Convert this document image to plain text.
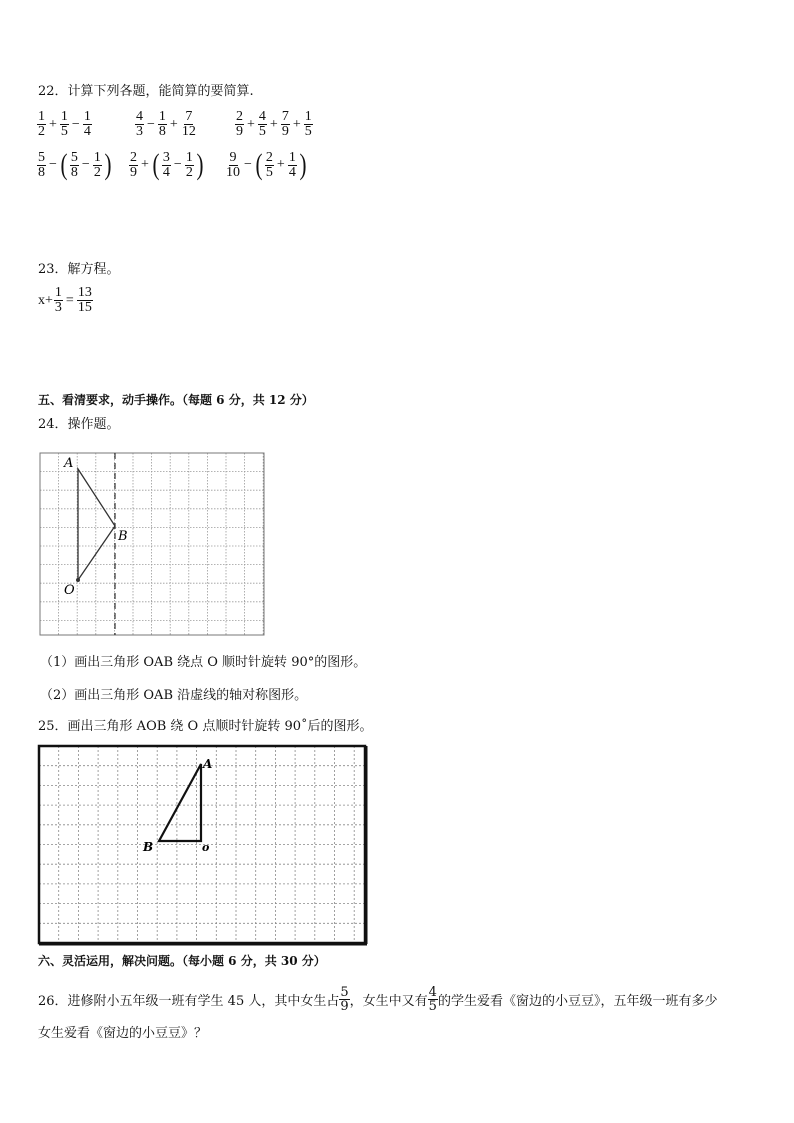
22．计算下列各题，能简算的要简算.
$\frac{1}{2} + \frac{1}{5} - \frac{1}{4}$	$\frac{4}{3} - \frac{1}{8} + \frac{7}{12}$	$\frac{2}{9} + \frac{4}{5} + \frac{7}{9} + \frac{1}{5}$
$\frac{5}{8}$ − ( $\frac{5}{8} - \frac{1}{2}$ ) $\frac{2}{9}$ + ( $\frac{3}{4} - \frac{1}{2}$ ) $\frac{9}{10}$ − ( $\frac{2}{5} + \frac{1}{4}$ )
23．解方程。
$x+ \frac{1}{3} = \frac{13}{15}$
五、看清要求，动手操作。（每题 6 分，共 12 分）
24．操作题。
A
B
O
（1）画出三角形 OAB 绕点 O 顺时针旋转 90°的图形。
（2）画出三角形 OAB 沿虚线的轴对称图形。
25．画出三角形 AOB 绕 O 点顺时针旋转 90˚后的图形。
A
B	o
六、灵活运用，解决问题。（每小题 6 分，共 30 分）
26．进修附小五年级一班有学生 45 人，其中女生占 $\frac{5}{9}$ ，女生中又有 $\frac{4}{5}$ 的学生爱看《窗边的小豆豆》，五年级一班有多少
女生爱看《窗边的小豆豆》？
